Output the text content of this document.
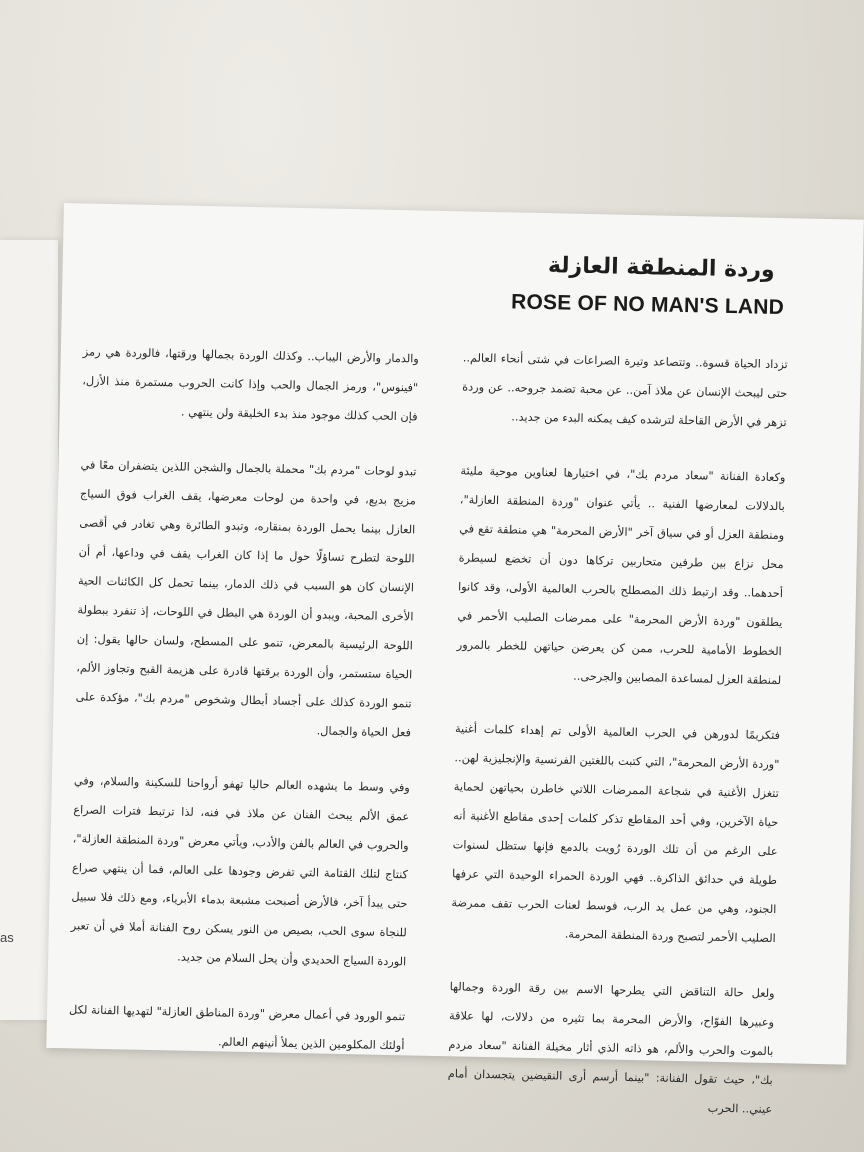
as
وردة المنطقة العازلة
ROSE OF NO MAN'S LAND

تزداد الحياة قسوة.. وتتصاعد وتيرة الصراعات في شتى أنحاء العالم.. حتى ليبحث الإنسان عن ملاذ آمن.. عن محبة تضمد جروحه.. عن وردة تزهر في الأرض القاحلة لترشده كيف يمكنه البدء من جديد..

وكعادة الفنانة "سعاد مردم بك"، في اختيارها لعناوين موحية مليئة بالدلالات لمعارضها الفنية .. يأتي عنوان "وردة المنطقة العازلة"، ومنطقة العزل أو في سياق آخر "الأرض المحرمة" هي منطقة تقع في محل نزاع بين طرفين متحاربين تركاها دون أن تخضع لسيطرة أحدهما.. وقد ارتبط ذلك المصطلح بالحرب العالمية الأولى، وقد كانوا يطلقون "وردة الأرض المحرمة" على ممرضات الصليب الأحمر في الخطوط الأمامية للحرب، ممن كن يعرضن حياتهن للخطر بالمرور لمنطقة العزل لمساعدة المصابين والجرحى..

فتكريمًا لدورهن في الحرب العالمية الأولى تم إهداء كلمات أغنية "وردة الأرض المحرمة"، التي كتبت باللغتين الفرنسية والإنجليزية لهن.. تتغزل الأغنية في شجاعة الممرضات اللاتي خاطرن بحياتهن لحماية حياة الآخرين، وفي أحد المقاطع تذكر كلمات إحدى مقاطع الأغنية أنه على الرغم من أن تلك الوردة رُويت بالدمع فإنها ستظل لسنوات طويلة في حدائق الذاكرة.. فهي الوردة الحمراء الوحيدة التي عرفها الجنود، وهي من عمل يد الرب، فوسط لعنات الحرب تقف ممرضة الصليب الأحمر لتصبح وردة المنطقة المحرمة.

ولعل حالة التناقض التي يطرحها الاسم بين رقة الوردة وجمالها وعبيرها الفوّاح، والأرض المحرمة بما تثيره من دلالات، لها علاقة بالموت والحرب والألم، هو ذاته الذي أثار مخيلة الفنانة "سعاد مردم بك"، حيث تقول الفنانة: "بينما أرسم أرى النقيضين يتجسدان أمام عيني.. الحرب

والدمار والأرض اليباب.. وكذلك الوردة بجمالها ورقتها، فالوردة هي رمز "فينوس"، ورمز الجمال والحب وإذا كانت الحروب مستمرة منذ الأزل، فإن الحب كذلك موجود منذ بدء الخليقة ولن ينتهي .

تبدو لوحات "مردم بك" محملة بالجمال والشجن اللذين يتضفران معًا في مزيج بديع، في واحدة من لوحات معرضها، يقف الغراب فوق السياج العازل بينما يحمل الوردة بمنقاره، وتبدو الطائرة وهي تغادر في أقصى اللوحة لتطرح تساؤلًا حول ما إذا كان الغراب يقف في وداعها، أم أن الإنسان كان هو السبب في ذلك الدمار، بينما تحمل كل الكائنات الحية الأخرى المحبة، ويبدو أن الوردة هي البطل في اللوحات، إذ تنفرد ببطولة اللوحة الرئيسية بالمعرض، تنمو على المسطح، ولسان حالها يقول: إن الحياة ستستمر، وأن الوردة برقتها قادرة على هزيمة القبح وتجاوز الألم، تنمو الوردة كذلك على أجساد أبطال وشخوص "مردم بك"، مؤكدة على فعل الحياة والجمال.

وفي وسط ما يشهده العالم حاليا تهفو أرواحنا للسكينة والسلام، وفي عمق الألم يبحث الفنان عن ملاذ في فنه، لذا ترتبط فترات الصراع والحروب في العالم بالفن والأدب، ويأتي معرض "وردة المنطقة العازلة"، كنتاج لتلك القتامة التي تفرض وجودها على العالم، فما أن ينتهي صراع حتى يبدأ آخر، فالأرض أصبحت مشبعة بدماء الأبرياء، ومع ذلك فلا سبيل للنجاة سوى الحب، بصيص من النور يسكن روح الفنانة أملا في أن تعبر الوردة السياج الحديدي وأن يحل السلام من جديد.

تنمو الورود في أعمال معرض "وردة المناطق العازلة" لتهديها الفنانة لكل أولئك المكلومين الذين يملأ أنينهم العالم.
